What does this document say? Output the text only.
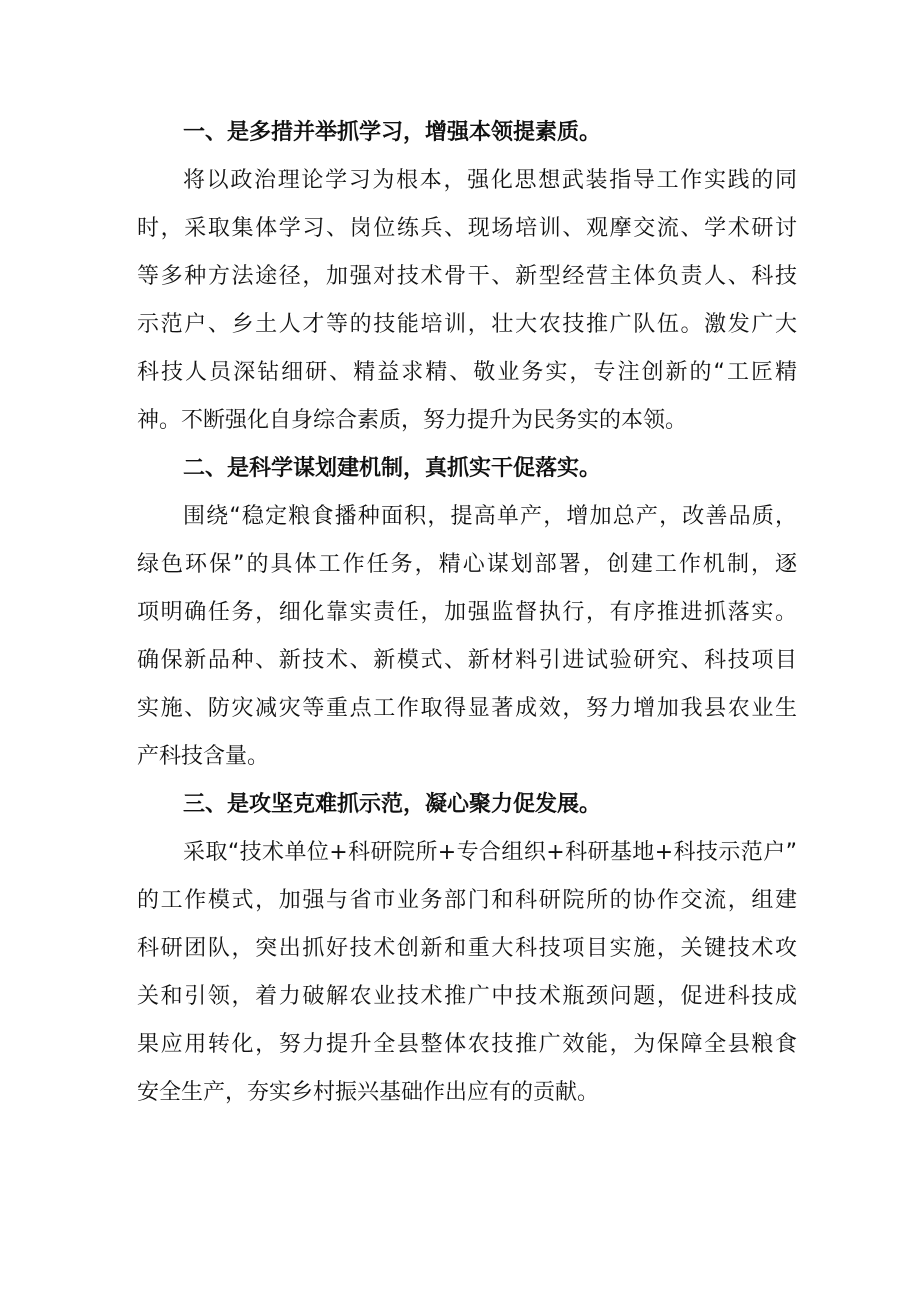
一、是多措并举抓学习，增强本领提素质。
将以政治理论学习为根本，强化思想武装指导工作实践的同
时，采取集体学习、岗位练兵、现场培训、观摩交流、学术研讨
等多种方法途径，加强对技术骨干、新型经营主体负责人、科技
示范户、乡土人才等的技能培训，壮大农技推广队伍。激发广大
科技人员深钻细研、精益求精、敬业务实，专注创新的“工匠精
神。不断强化自身综合素质，努力提升为民务实的本领。
二、是科学谋划建机制，真抓实干促落实。
围绕“稳定粮食播种面积，提高单产，增加总产，改善品质，
绿色环保”的具体工作任务，精心谋划部署，创建工作机制，逐
项明确任务，细化靠实责任，加强监督执行，有序推进抓落实。
确保新品种、新技术、新模式、新材料引进试验研究、科技项目
实施、防灾减灾等重点工作取得显著成效，努力增加我县农业生
产科技含量。
三、是攻坚克难抓示范，凝心聚力促发展。
采取“技术单位+科研院所+专合组织+科研基地+科技示范户”
的工作模式，加强与省市业务部门和科研院所的协作交流，组建
科研团队，突出抓好技术创新和重大科技项目实施，关键技术攻
关和引领，着力破解农业技术推广中技术瓶颈问题，促进科技成
果应用转化，努力提升全县整体农技推广效能，为保障全县粮食
安全生产，夯实乡村振兴基础作出应有的贡献。
